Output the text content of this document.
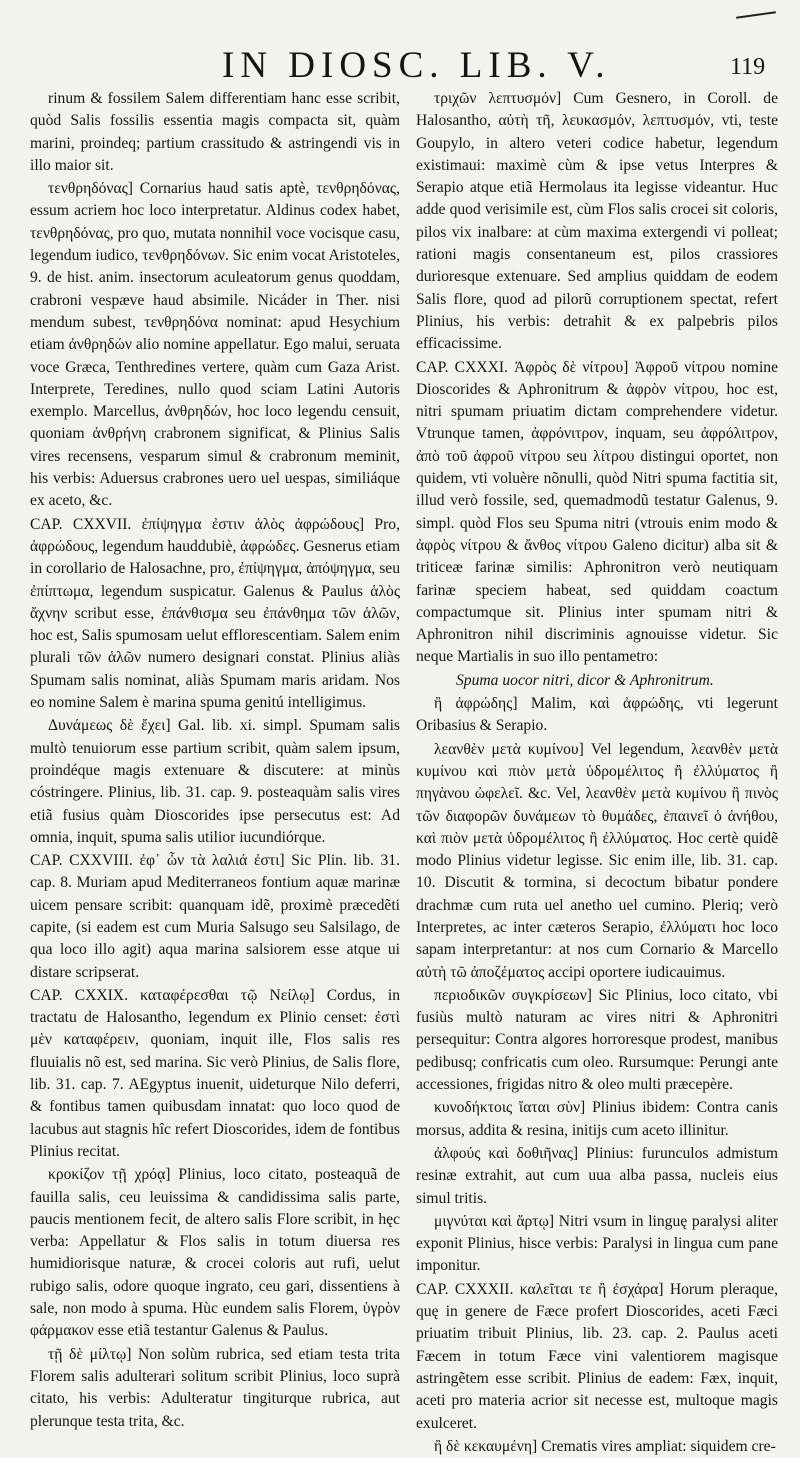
IN DIOSC. LIB. V.	119

rinum & fossilem Salem differentiam hanc esse scribit, quòd Salis fossilis essentia magis compacta sit, quàm marini, proindeq; partium crassitudo & astringendi vis in illo maior sit.

τενθρηδόνας] Cornarius haud satis aptè, τενθρηδόνας, essum acriem hoc loco interpretatur. Aldinus codex habet, τενθρηδόνας, pro quo, mutata nonnihil voce vocisque casu, legendum iudico, τενθρηδόνων. Sic enim vocat Aristoteles, 9. de hist. anim. insectorum aculeatorum genus quoddam, crabroni vespæve haud absimile. Nicáder in Ther. nisi mendum subest, τενθρηδόνα nominat: apud Hesychium etiam ἀνθρηδών alio nomine appellatur. Ego malui, seruata voce Græca, Tenthredines vertere, quàm cum Gaza Arist. Interprete, Teredines, nullo quod sciam Latini Autoris exemplo. Marcellus, ἀνθρηδών, hoc loco legendu censuit, quoniam ἀνθρήνη crabronem significat, & Plinius Salis vires recensens, vesparum simul & crabronum meminit, his verbis: Aduersus crabrones uero uel uespas, similiáque ex aceto, &c.

CAP. CXXVII. ἐπίψηγμα ἐστιν ἁλὸς ἀφρώδους] Pro, ἀφρώδους, legendum hauddubiè, ἀφρώδες. Gesnerus etiam in corollario de Halosachne, pro, ἐπίψηγμα, ἀπόψηγμα, seu ἐπίπτωμα, legendum suspicatur. Galenus & Paulus ἁλὸς ἄχνην scribut esse, ἐπάνθισμα seu ἐπάνθημα τῶν ἁλῶν, hoc est, Salis spumosam uelut efflorescentiam. Salem enim plurali τῶν ἁλῶν numero designari constat. Plinius aliàs Spumam salis nominat, aliàs Spumam maris aridam. Nos eo nomine Salem è marina spuma genitú intelligimus.

Δυνάμεως δὲ ἔχει] Gal. lib. xi. simpl. Spumam salis multò tenuiorum esse partium scribit, quàm salem ipsum, proindéque magis extenuare & discutere: at minùs cóstringere. Plinius, lib. 31. cap. 9. posteaquàm salis vires etiã fusius quàm Dioscorides ipse persecutus est: Ad omnia, inquit, spuma salis utilior iucundiórque.

CAP. CXXVIII. ἐφ᾽ ὧν τὰ λαλιά ἐστι] Sic Plin. lib. 31. cap. 8. Muriam apud Mediterraneos fontium aquæ marinæ uicem pensare scribit: quanquam idẽ, proximè præcedẽti capite, (si eadem est cum Muria Salsugo seu Salsilago, de qua loco illo agit) aqua marina salsiorem esse atque ui distare scripserat.

CAP. CXXIX. καταφέρεσθαι τῷ Νείλῳ] Cordus, in tractatu de Halosantho, legendum ex Plinio censet: ἐστὶ μὲν καταφέρειν, quoniam, inquit ille, Flos salis res fluuialis nõ est, sed marina. Sic verò Plinius, de Salis flore, lib. 31. cap. 7. AEgyptus inuenit, uideturque Nilo deferri, & fontibus tamen quibusdam innatat: quo loco quod de lacubus aut stagnis hîc refert Dioscorides, idem de fontibus Plinius recitat.

κροκίζον τῇ χρόᾳ] Plinius, loco citato, posteaquã de fauilla salis, ceu leuissima & candidissima salis parte, paucis mentionem fecit, de altero salis Flore scribit, in hęc verba: Appellatur & Flos salis in totum diuersa res humidiorisque naturæ, & crocei coloris aut rufi, uelut rubigo salis, odore quoque ingrato, ceu gari, dissentiens à sale, non modo à spuma. Hùc eundem salis Florem, ὑγρὸν φάρμακον esse etiã testantur Galenus & Paulus.

τῇ δὲ μίλτῳ] Non solùm rubrica, sed etiam testa trita Florem salis adulterari solitum scribit Plinius, loco suprà citato, his verbis: Adulteratur tingiturque rubrica, aut plerunque testa trita, &c.

τριχῶν λεπτυσμόν] Cum Gesnero, in Coroll. de Halosantho, αὐτὴ τῆ, λευκασμόν, λεπτυσμόν, vti, teste Goupylo, in altero veteri codice habetur, legendum existimaui: maximè cùm & ipse vetus Interpres & Serapio atque etiã Hermolaus ita legisse videantur. Huc adde quod verisimile est, cùm Flos salis crocei sit coloris, pilos vix inalbare: at cùm maxima extergendi vi polleat; rationi magis consentaneum est, pilos crassiores durioresque extenuare. Sed amplius quiddam de eodem Salis flore, quod ad pilorũ corruptionem spectat, refert Plinius, his verbis: detrahit & ex palpebris pilos efficacissime.

CAP. CXXXI. Ἀφρὸς δὲ νίτρου] Ἀφροῦ νίτρου nomine Dioscorides & Aphronitrum & ἀφρὸν νίτρου, hoc est, nitri spumam priuatim dictam comprehendere videtur. Vtrunque tamen, ἀφρόνιτρον, inquam, seu ἀφρόλιτρον, ἀπὸ τοῦ ἀφροῦ νίτρου seu λίτρου distingui oportet, non quidem, vti voluère nõnulli, quòd Nitri spuma factitia sit, illud verò fossile, sed, quemadmodũ testatur Galenus, 9. simpl. quòd Flos seu Spuma nitri (vtrouis enim modo & ἀφρὸς νίτρου & ἄνθος νίτρου Galeno dicitur) alba sit & triticeæ farinæ similis: Aphronitron verò neutiquam farinæ speciem habeat, sed quiddam coactum compactumque sit. Plinius inter spumam nitri & Aphronitron nihil discriminis agnouisse videtur. Sic neque Martialis in suo illo pentametro:

Spuma uocor nitri, dicor & Aphronitrum.

ἢ ἀφρώδης] Malim, καὶ ἀφρώδης, vti legerunt Oribasius & Serapio.

λεανθὲν μετὰ κυμίνου] Vel legendum, λεανθὲν μετὰ κυμίνου καὶ πιὸν μετὰ ὑδρομέλιτος ἢ ἐλλύματος ἢ πηγὰνου ὠφελεῖ. &c. Vel, λεανθὲν μετὰ κυμίνου ἢ πινὸς τῶν διαφορῶν δυνάμεων τὸ θυμάδες, ἐπαινεῖ ὁ ἀνήθου, καὶ πιὸν μετὰ ὑδρομέλιτος ἢ ἐλλύματος. Hoc certè quidẽ modo Plinius videtur legisse. Sic enim ille, lib. 31. cap. 10. Discutit & tormina, si decoctum bibatur pondere drachmæ cum ruta uel anetho uel cumino. Pleriq; verò Interpretes, ac inter cæteros Serapio, ἐλλύματι hoc loco sapam interpretantur: at nos cum Cornario & Marcello αὐτὴ τῶ ἀποζέματος accipi oportere iudicauimus.

περιοδικῶν συγκρίσεων] Sic Plinius, loco citato, vbi fusiùs multò naturam ac vires nitri & Aphronitri persequitur: Contra algores horroresque prodest, manibus pedibusq; confricatis cum oleo. Rursumque: Perungi ante accessiones, frigidas nitro & oleo multi præcepère.

κυνοδήκτοις ἴαται σὺν] Plinius ibidem: Contra canis morsus, addita & resina, initijs cum aceto illinitur.

ἀλφούς καὶ δοθιῆνας] Plinius: furunculos admistum resinæ extrahit, aut cum uua alba passa, nucleis eius simul tritis.

μιγνύται καὶ ἄρτῳ] Nitri vsum in linguę paralysi aliter exponit Plinius, hisce verbis: Paralysi in lingua cum pane imponitur.

CAP. CXXXII. καλεῖται τε ἢ ἐσχάρα] Horum pleraque, quę in genere de Fæce profert Dioscorides, aceti Fæci priuatim tribuit Plinius, lib. 23. cap. 2. Paulus aceti Fæcem in totum Fæce vini valentiorem magisque astringẽtem esse scribit. Plinius de eadem: Fæx, inquit, aceti pro materia acrior sit necesse est, multoque magis exulceret.

ἢ δὲ κεκαυμένη] Crematis vires ampliat: siquidem cre-
